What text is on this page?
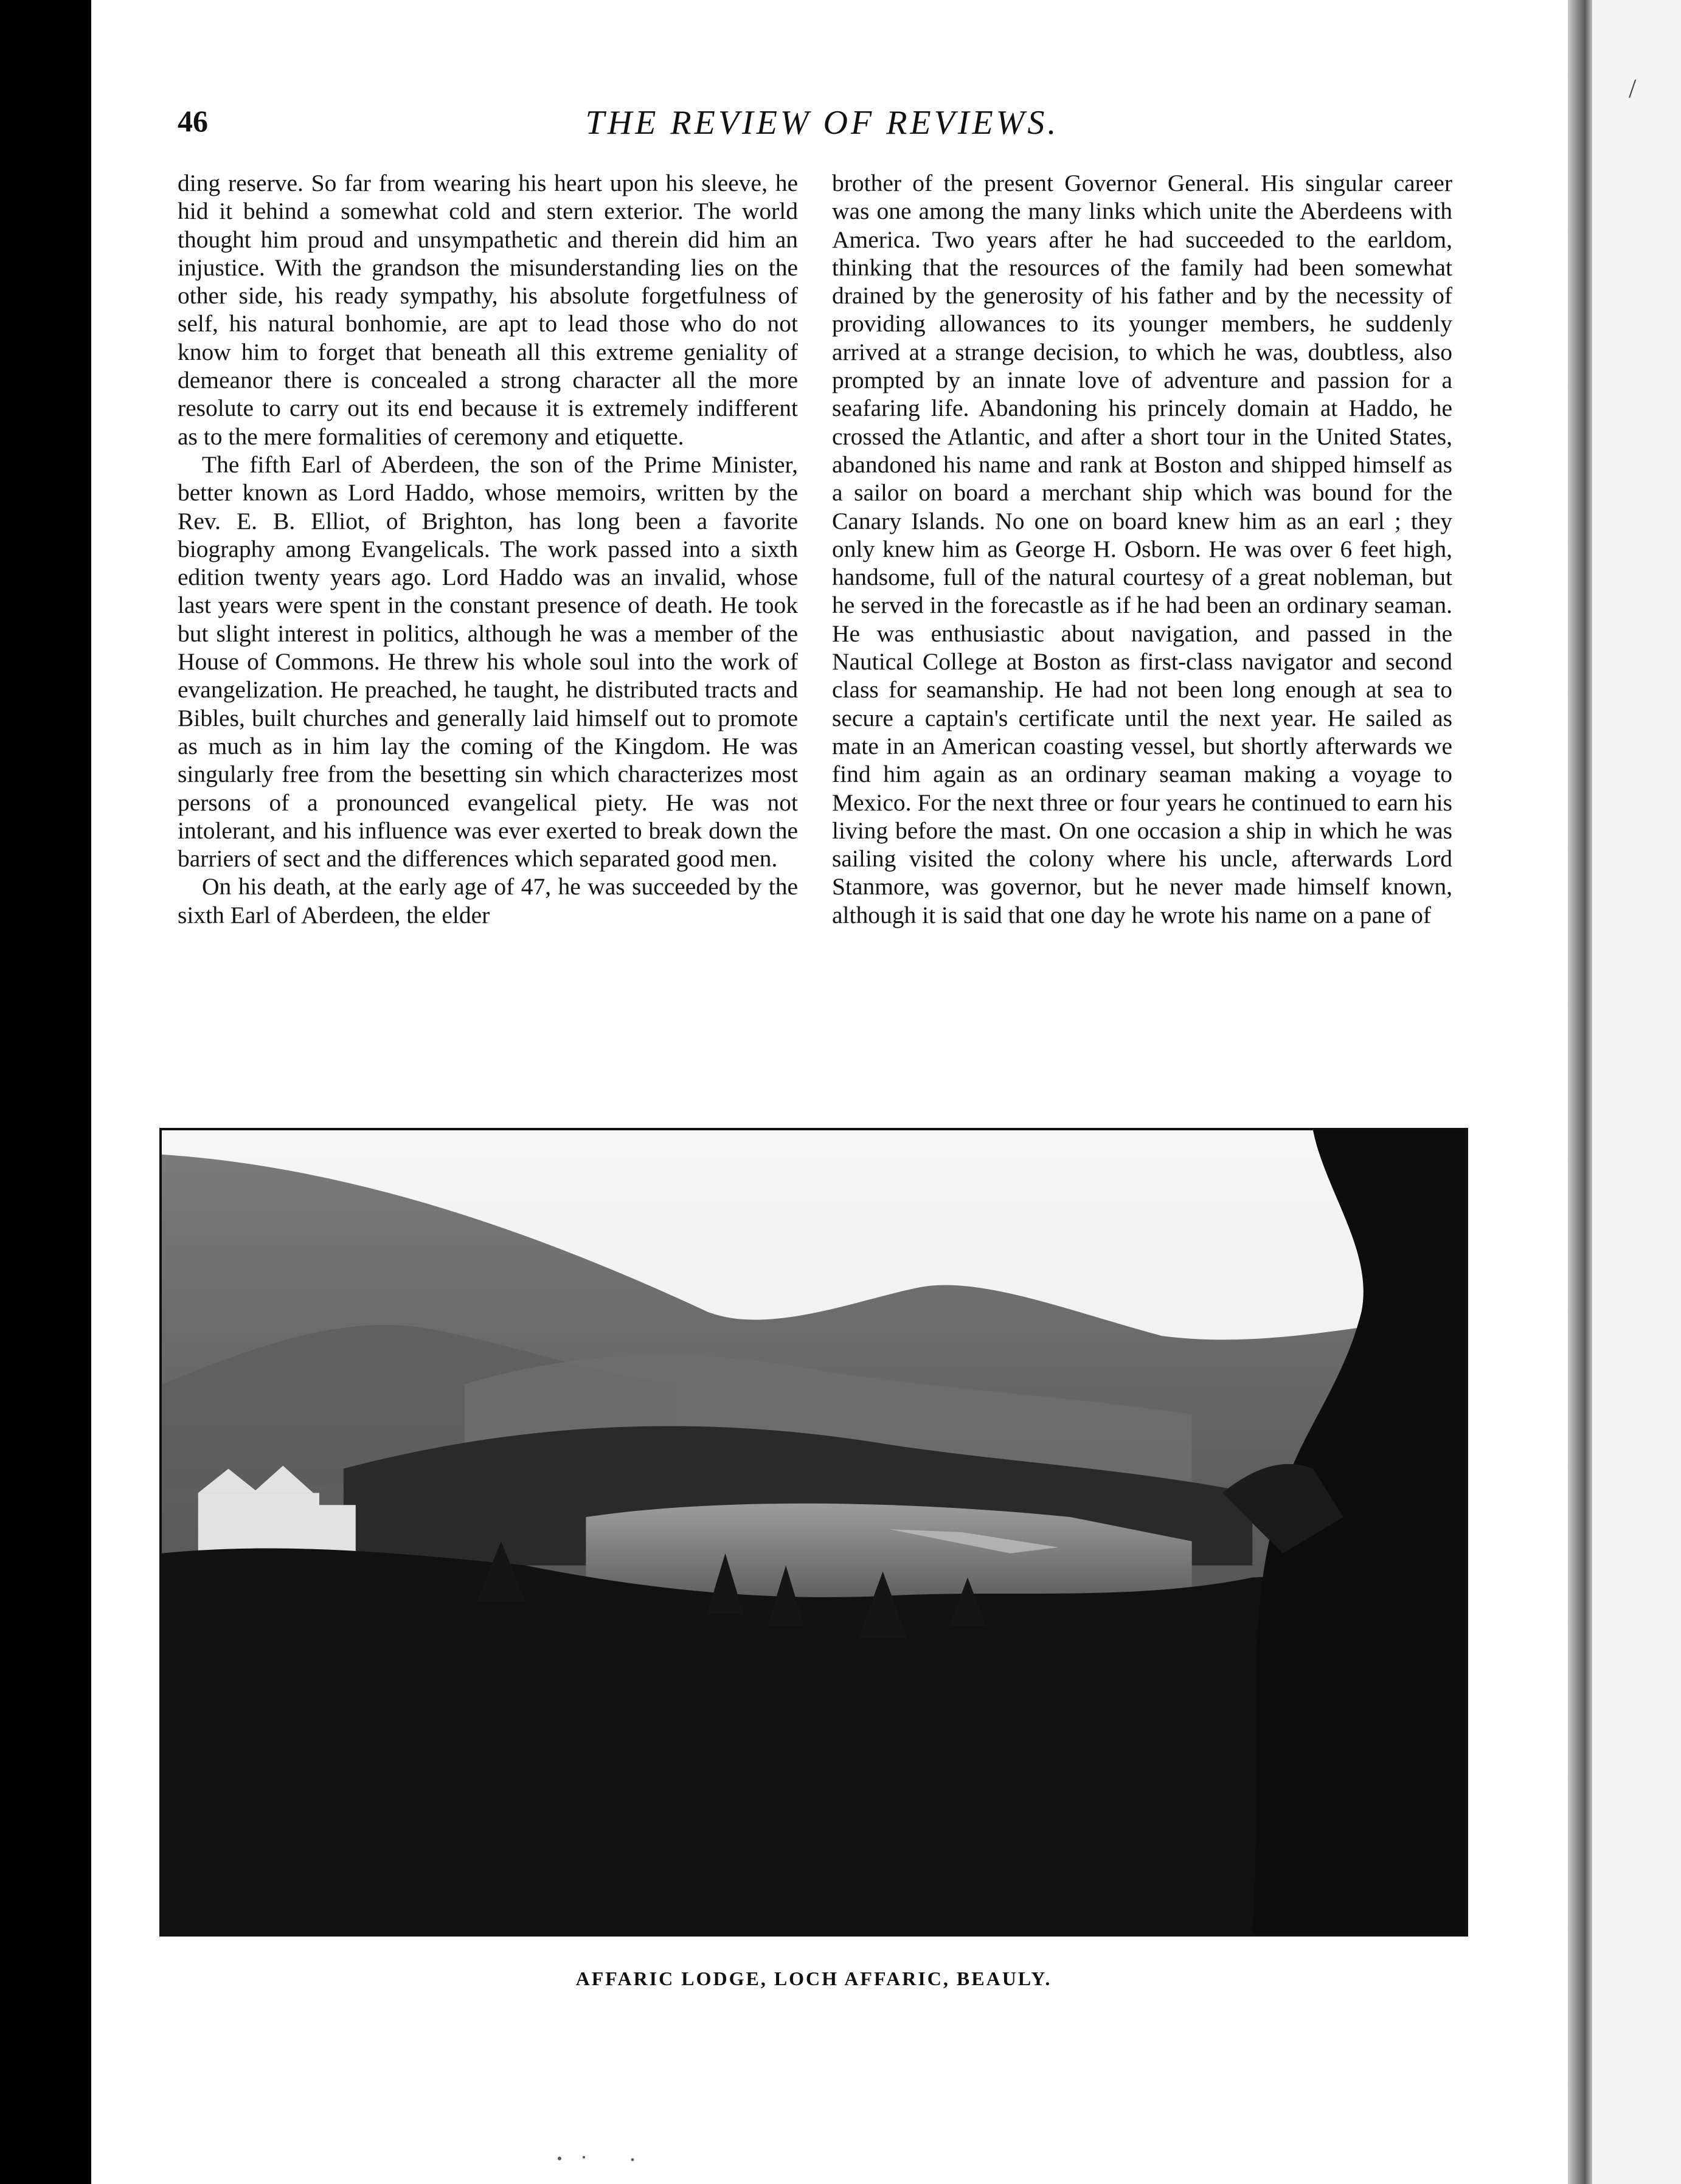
/
46	THE REVIEW OF REVIEWS.

ding reserve. So far from wearing his heart upon his sleeve, he hid it behind a somewhat cold and stern exterior. The world thought him proud and unsympathetic and therein did him an injustice. With the grandson the misunderstanding lies on the other side, his ready sympathy, his absolute forgetfulness of self, his natural bonhomie, are apt to lead those who do not know him to forget that beneath all this extreme geniality of demeanor there is concealed a strong character all the more resolute to carry out its end because it is extremely indifferent as to the mere formalities of ceremony and etiquette.

The fifth Earl of Aberdeen, the son of the Prime Minister, better known as Lord Haddo, whose memoirs, written by the Rev. E. B. Elliot, of Brighton, has long been a favorite biography among Evangelicals. The work passed into a sixth edition twenty years ago. Lord Haddo was an invalid, whose last years were spent in the constant presence of death. He took but slight interest in politics, although he was a member of the House of Commons. He threw his whole soul into the work of evangelization. He preached, he taught, he distributed tracts and Bibles, built churches and generally laid himself out to promote as much as in him lay the coming of the Kingdom. He was singularly free from the besetting sin which characterizes most persons of a pronounced evangelical piety. He was not intolerant, and his influence was ever exerted to break down the barriers of sect and the differences which separated good men.

On his death, at the early age of 47, he was succeeded by the sixth Earl of Aberdeen, the elder

brother of the present Governor General. His singular career was one among the many links which unite the Aberdeens with America. Two years after he had succeeded to the earldom, thinking that the resources of the family had been somewhat drained by the generosity of his father and by the necessity of providing allowances to its younger members, he suddenly arrived at a strange decision, to which he was, doubtless, also prompted by an innate love of adventure and passion for a seafaring life. Abandoning his princely domain at Haddo, he crossed the Atlantic, and after a short tour in the United States, abandoned his name and rank at Boston and shipped himself as a sailor on board a merchant ship which was bound for the Canary Islands. No one on board knew him as an earl ; they only knew him as George H. Osborn. He was over 6 feet high, handsome, full of the natural courtesy of a great nobleman, but he served in the forecastle as if he had been an ordinary seaman. He was enthusiastic about navigation, and passed in the Nautical College at Boston as first-class navigator and second class for seamanship. He had not been long enough at sea to secure a captain's certificate until the next year. He sailed as mate in an American coasting vessel, but shortly afterwards we find him again as an ordinary seaman making a voyage to Mexico. For the next three or four years he continued to earn his living before the mast. On one occasion a ship in which he was sailing visited the colony where his uncle, afterwards Lord Stanmore, was governor, but he never made himself known, although it is said that one day he wrote his name on a pane of

AFFARIC LODGE, LOCH AFFARIC, BEAULY.
